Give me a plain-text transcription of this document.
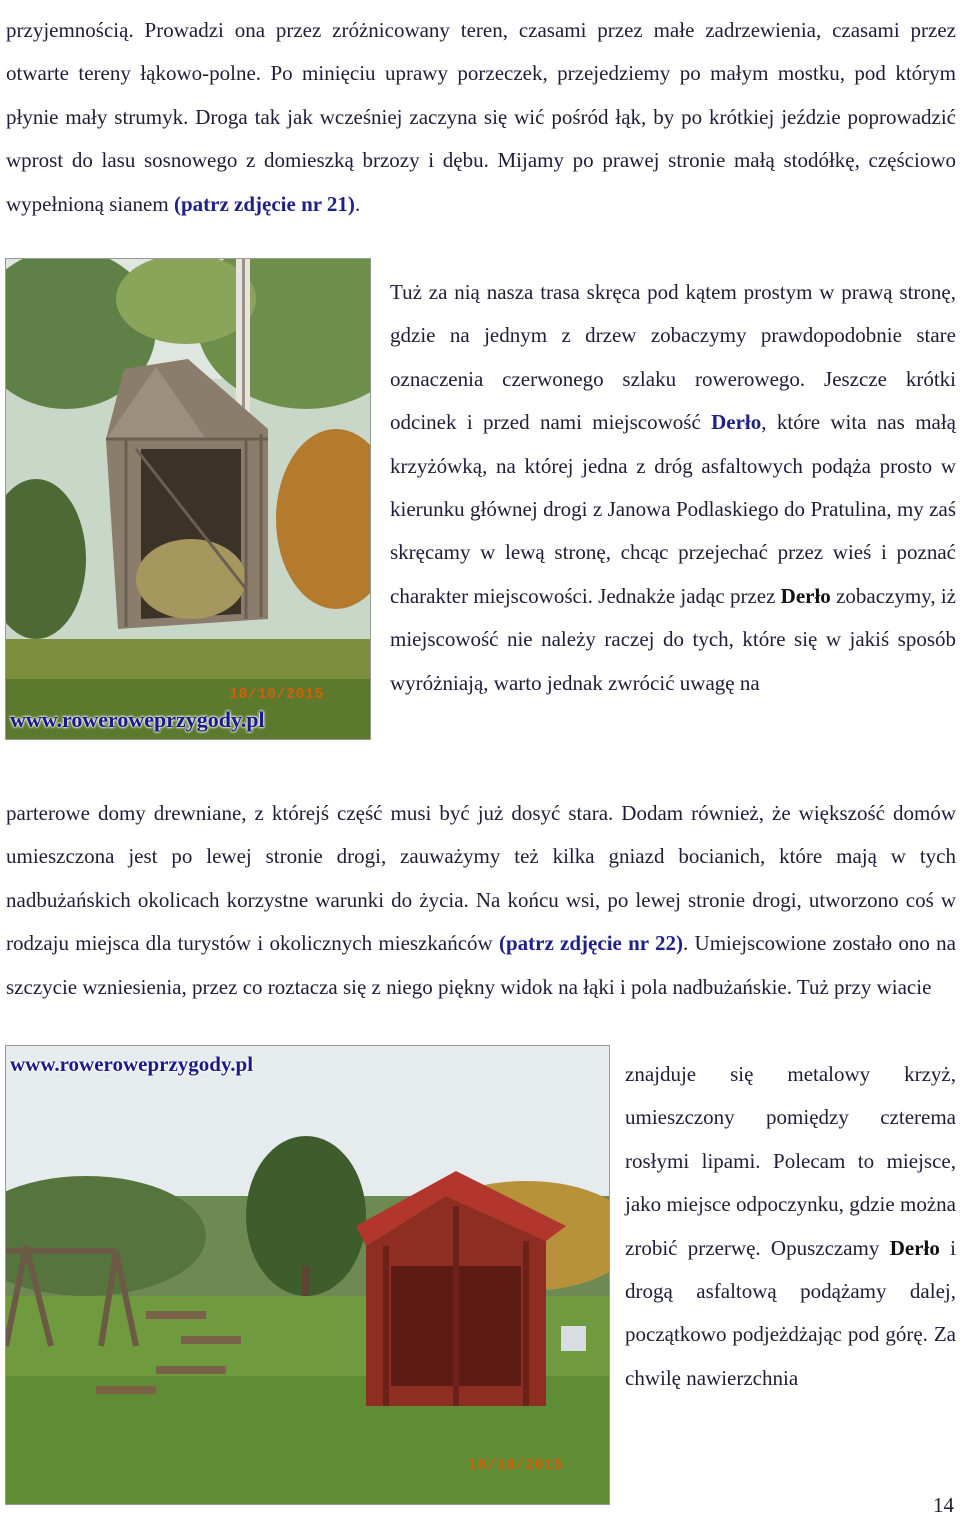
przyjemnością. Prowadzi ona przez zróżnicowany teren, czasami przez małe zadrzewienia, czasami przez otwarte tereny łąkowo-polne. Po minięciu uprawy porzeczek, przejedziemy po małym mostku, pod którym płynie mały strumyk. Droga tak jak wcześniej zaczyna się wić pośród łąk, by po krótkiej jeździe poprowadzić wprost do lasu sosnowego z domieszką brzozy i dębu. Mijamy po prawej stronie małą stodółkę, częściowo wypełnioną sianem (patrz zdjęcie nr 21).

18/10/2015
www.roweroweprzygody.pl

Tuż za nią nasza trasa skręca pod kątem prostym w prawą stronę, gdzie na jednym z drzew zobaczymy prawdopodobnie stare oznaczenia czerwonego szlaku rowerowego. Jeszcze krótki odcinek i przed nami miejscowość Derło, które wita nas małą krzyżówką, na której jedna z dróg asfaltowych podąża prosto w kierunku głównej drogi z Janowa Podlaskiego do Pratulina, my zaś skręcamy w lewą stronę, chcąc przejechać przez wieś i poznać charakter miejscowości. Jednakże jadąc przez Derło zobaczymy, iż miejscowość nie należy raczej do tych, które się w jakiś sposób wyróżniają, warto jednak zwrócić uwagę na

parterowe domy drewniane, z którejś część musi być już dosyć stara. Dodam również, że większość domów umieszczona jest po lewej stronie drogi, zauważymy też kilka gniazd bocianich, które mają w tych nadbużańskich okolicach korzystne warunki do życia. Na końcu wsi, po lewej stronie drogi, utworzono coś w rodzaju miejsca dla turystów i okolicznych mieszkańców (patrz zdjęcie nr 22). Umiejscowione zostało ono na szczycie wzniesienia, przez co roztacza się z niego piękny widok na łąki i pola nadbużańskie. Tuż przy wiacie

www.roweroweprzygody.pl
18/10/2015

znajduje się metalowy krzyż, umieszczony pomiędzy czterema rosłymi lipami. Polecam to miejsce, jako miejsce odpoczynku, gdzie można zrobić przerwę. Opuszczamy Derło i drogą asfaltową podążamy dalej, początkowo podjeżdżając pod górę. Za chwilę nawierzchnia

14
